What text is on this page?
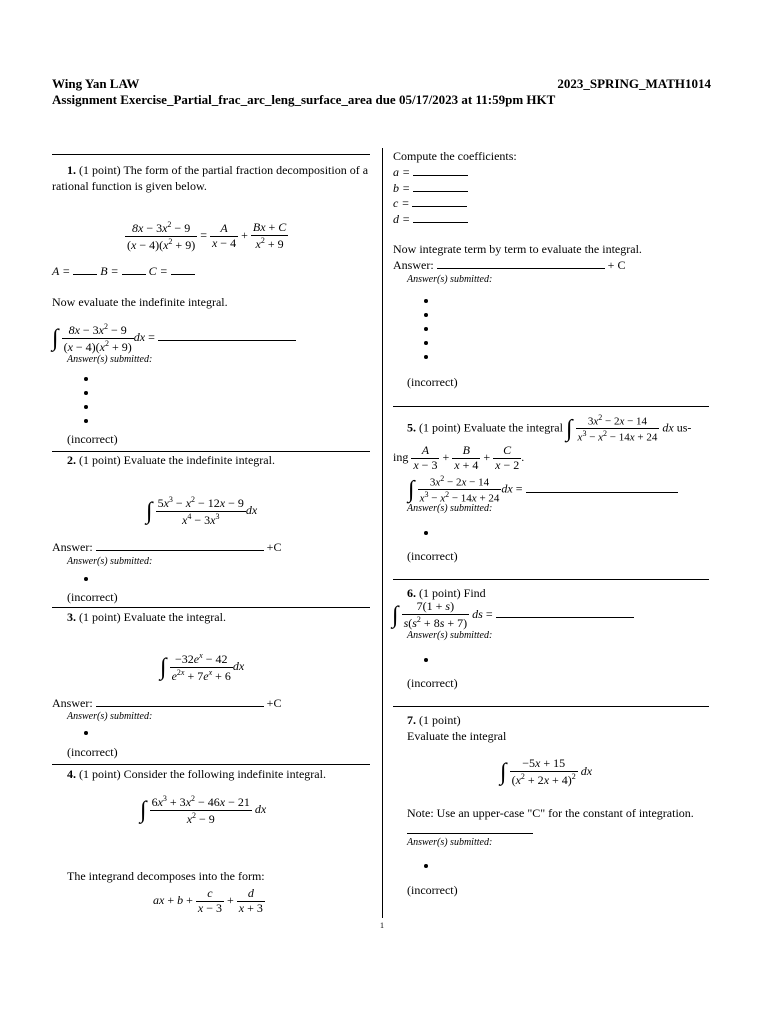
Wing Yan LAW	2023_SPRING_MATH1014
Assignment Exercise_Partial_frac_arc_leng_surface_area due 05/17/2023 at 11:59pm HKT
1. (1 point) The form of the partial fraction decomposition of a rational function is given below.
$\frac{8x - 3x^2 - 9}{(x - 4)(x^2 + 9)} = \frac{A}{x - 4} + \frac{Bx + C}{x^2 + 9}$
A =	B =	C =
Now evaluate the indefinite integral.
∫ $\frac{8x - 3x^2 - 9}{(x - 4)(x^2 + 9)}$ dx =
Answer(s) submitted:
(incorrect)
2. (1 point) Evaluate the indefinite integral.
∫ $\frac{5x^3 - x^2 - 12x - 9}{x^4 - 3x^3}$ dx
Answer:	+C
Answer(s) submitted:
(incorrect)
3. (1 point) Evaluate the integral.
∫ $\frac{-32e^x - 42}{e^{2x} + 7e^x + 6}$ dx
Answer:	+C
Answer(s) submitted:
(incorrect)
4. (1 point) Consider the following indefinite integral.
∫ $\frac{6x^3 + 3x^2 - 46x - 21}{x^2 - 9}$ dx
The integrand decomposes into the form:
ax + $b + \frac{c}{x - 3} + \frac{d}{x + 3}$
Compute the coefficients:
a =
b =
c =
d =
Now integrate term by term to evaluate the integral.
Answer:	+ C
Answer(s) submitted:
(incorrect)
5. (1 point) Evaluate the integral ∫ $\frac{3x^2 - 2x - 14}{x^3 - x^2 - 14x + 24}$ dx us-
ing $\frac{A}{x - 3} + \frac{B}{x + 4} + \frac{C}{x - 2}$ .
∫ $\frac{3x^2 - 2x - 14}{x^3 - x^2 - 14x + 24}$ dx =
Answer(s) submitted:
(incorrect)
6. (1 point) Find
∫ $\frac{7(1 + s)}{s(s^2 + 8s + 7)}$ ds =
Answer(s) submitted:
(incorrect)
7. (1 point)
Evaluate the integral
∫ $\frac{-5x + 15}{(x^2 + 2x + 4)^2}$ dx
Note: Use an upper-case "C" for the constant of integration.
Answer(s) submitted:
(incorrect)
1
